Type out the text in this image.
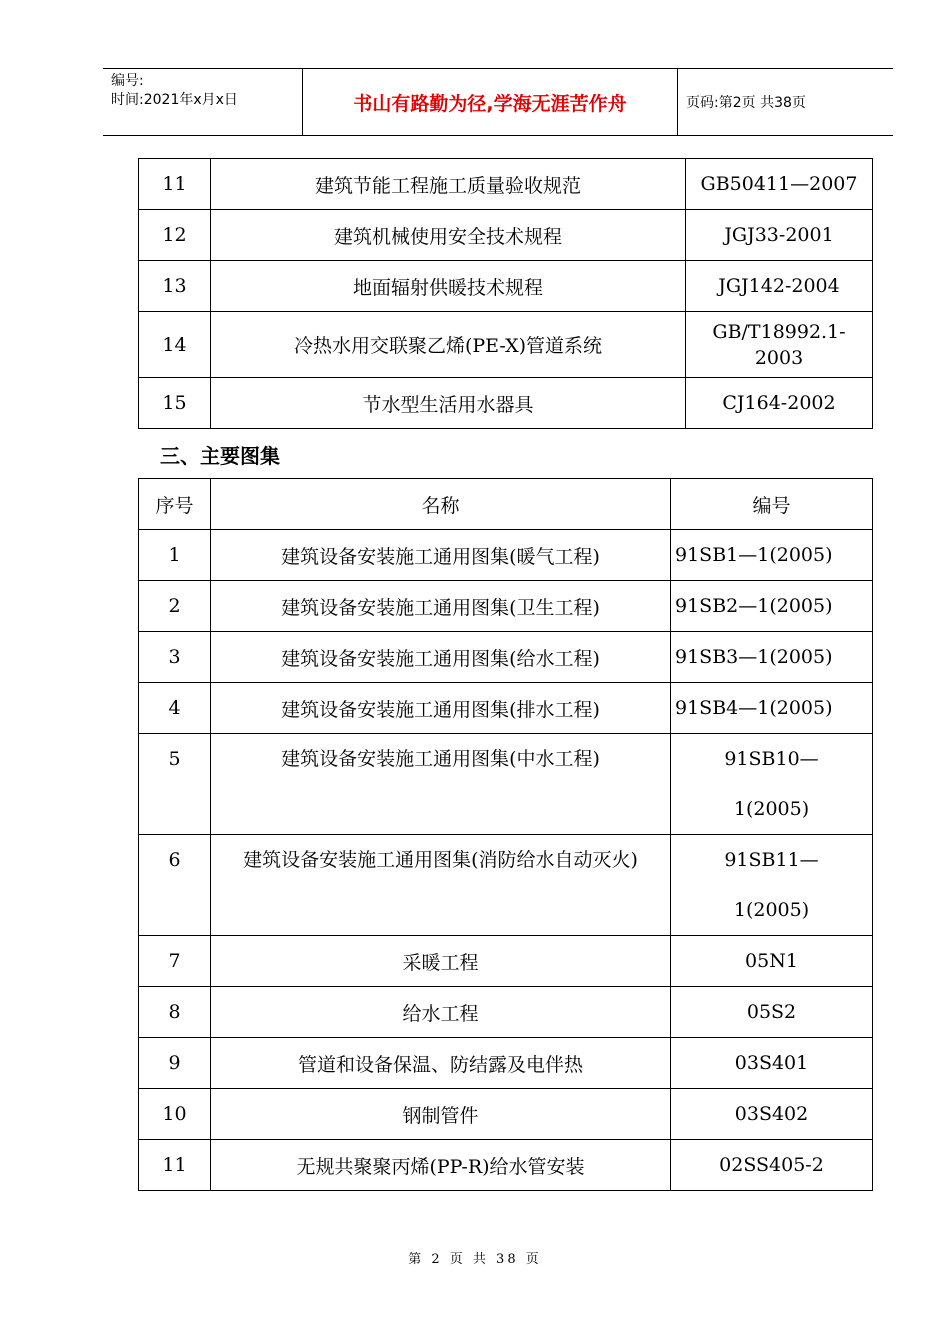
编号:
时间:2021年x月x日	书山有路勤为径,学海无涯苦作舟	页码:第2页 共38页
11	建筑节能工程施工质量验收规范	GB50411—2007
12	建筑机械使用安全技术规程	JGJ33-2001
13	地面辐射供暖技术规程	JGJ142-2004
14	冷热水用交联聚乙烯(PE-X)管道系统	GB/T18992.1-2003
15	节水型生活用水器具	CJ164-2002
三、主要图集
序号	名称	编号
1	建筑设备安装施工通用图集(暖气工程)	91SB1—1(2005)
2	建筑设备安装施工通用图集(卫生工程)	91SB2—1(2005)
3	建筑设备安装施工通用图集(给水工程)	91SB3—1(2005)
4	建筑设备安装施工通用图集(排水工程)	91SB4—1(2005)
5	建筑设备安装施工通用图集(中水工程)	91SB10—1(2005)
6	建筑设备安装施工通用图集(消防给水自动灭火)	91SB11—1(2005)
7	采暖工程	05N1
8	给水工程	05S2
9	管道和设备保温、防结露及电伴热	03S401
10	钢制管件	03S402
11	无规共聚聚丙烯(PP-R)给水管安装	02SS405-2
第 2 页 共 38 页
